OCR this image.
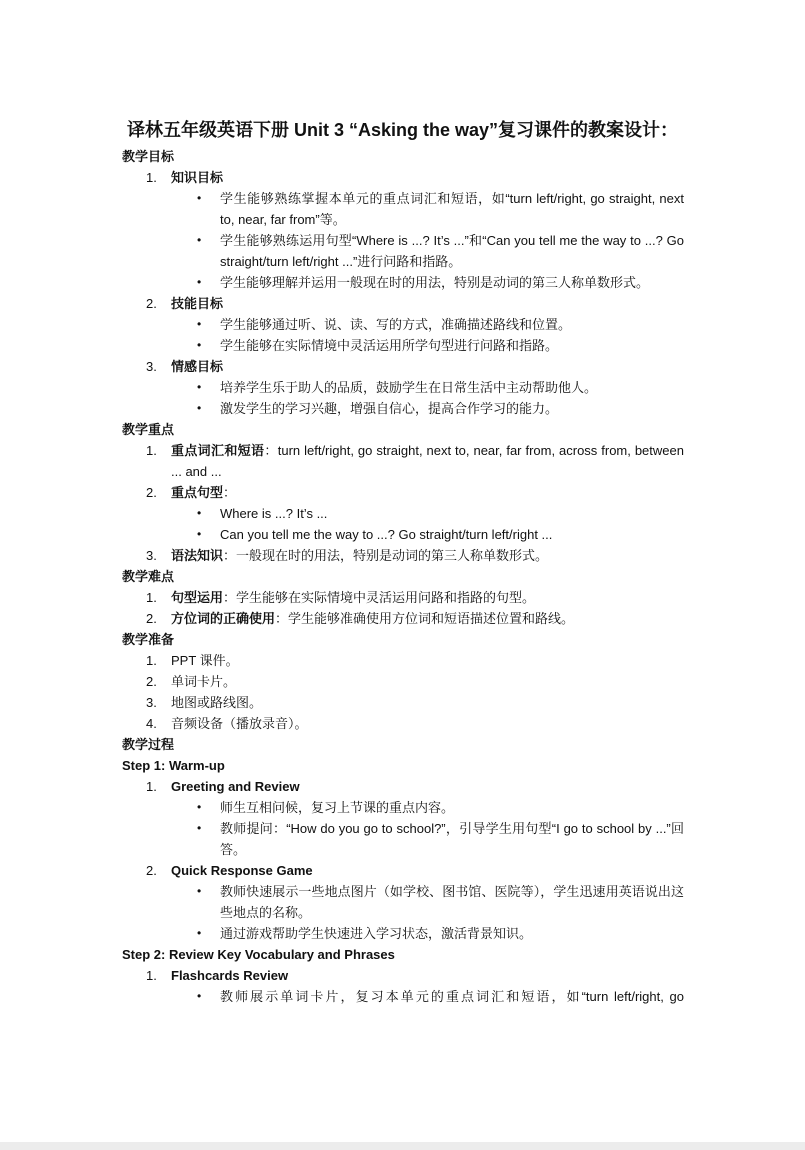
译林五年级英语下册 Unit 3 “Asking the way”复习课件的教案设计：
教学目标
1. 知识目标
• 学生能够熟练掌握本单元的重点词汇和短语，如“turn left/right, go straight, next to, near, far from”等。
• 学生能够熟练运用句型“Where is ...? It’s ...”和“Can you tell me the way to ...? Go straight/turn left/right ...”进行问路和指路。
• 学生能够理解并运用一般现在时的用法，特别是动词的第三人称单数形式。
2. 技能目标
• 学生能够通过听、说、读、写的方式，准确描述路线和位置。
• 学生能够在实际情境中灵活运用所学句型进行问路和指路。
3. 情感目标
• 培养学生乐于助人的品质，鼓励学生在日常生活中主动帮助他人。
• 激发学生的学习兴趣，增强自信心，提高合作学习的能力。
教学重点
1. 重点词汇和短语：turn left/right, go straight, next to, near, far from, across from, between ... and ...
2. 重点句型：
• Where is ...? It’s ...
• Can you tell me the way to ...? Go straight/turn left/right ...
3. 语法知识：一般现在时的用法，特别是动词的第三人称单数形式。
教学难点
1. 句型运用：学生能够在实际情境中灵活运用问路和指路的句型。
2. 方位词的正确使用：学生能够准确使用方位词和短语描述位置和路线。
教学准备
1. PPT 课件。
2. 单词卡片。
3. 地图或路线图。
4. 音频设备（播放录音）。
教学过程
Step 1: Warm-up
1. Greeting and Review
• 师生互相问候，复习上节课的重点内容。
• 教师提问：“How do you go to school?”，引导学生用句型“I go to school by ...”回答。
2. Quick Response Game
• 教师快速展示一些地点图片（如学校、图书馆、医院等），学生迅速用英语说出这些地点的名称。
• 通过游戏帮助学生快速进入学习状态，激活背景知识。
Step 2: Review Key Vocabulary and Phrases
1. Flashcards Review
• 教师展示单词卡片，复习本单元的重点词汇和短语，如“turn left/right, go
